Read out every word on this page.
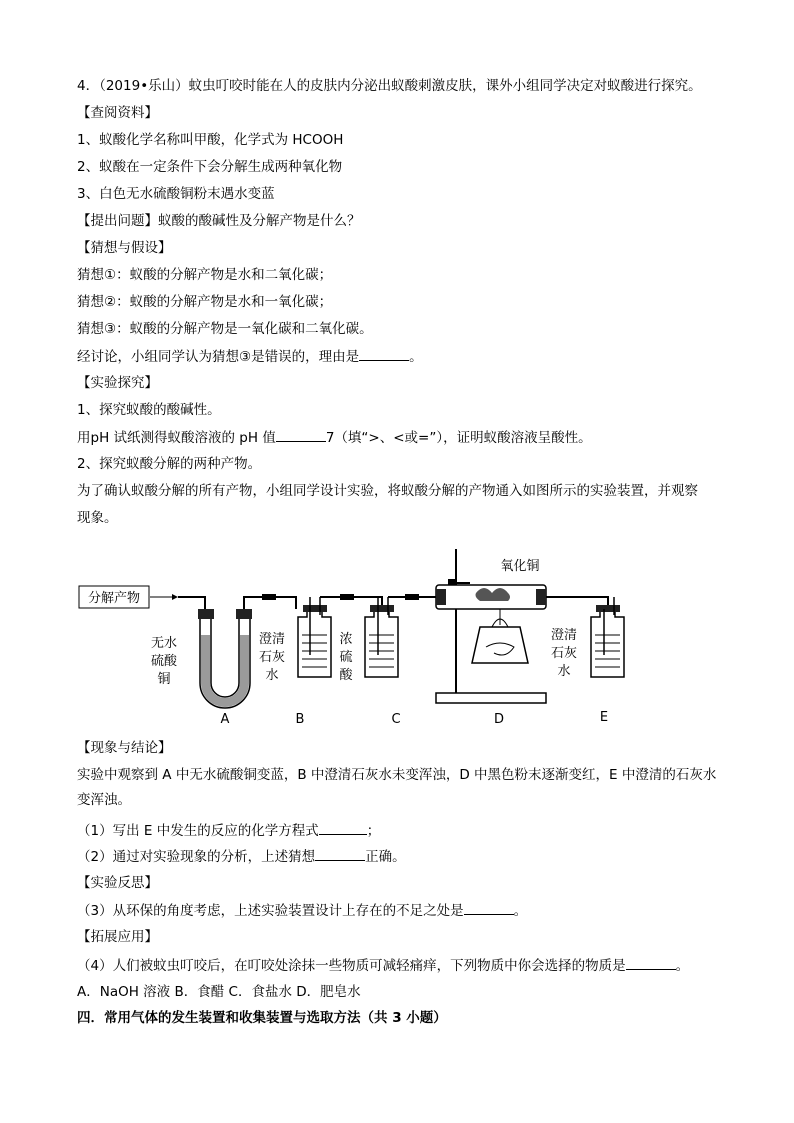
4．（2019•乐山）蚊虫叮咬时能在人的皮肤内分泌出蚁酸刺激皮肤，课外小组同学决定对蚁酸进行探究。
【查阅资料】
1、蚁酸化学名称叫甲酸，化学式为 HCOOH
2、蚁酸在一定条件下会分解生成两种氧化物
3、白色无水硫酸铜粉末遇水变蓝
【提出问题】蚁酸的酸碱性及分解产物是什么？
【猜想与假设】
猜想①：蚁酸的分解产物是水和二氧化碳；
猜想②：蚁酸的分解产物是水和一氧化碳；
猜想③：蚁酸的分解产物是一氧化碳和二氧化碳。
经讨论，小组同学认为猜想③是错误的，理由是	。
【实验探究】
1、探究蚁酸的酸碱性。
用pH 试纸测得蚁酸溶液的 pH 值	7（填“>、<或=”），证明蚁酸溶液呈酸性。
2、探究蚁酸分解的两种产物。
为了确认蚁酸分解的所有产物，小组同学设计实验，将蚁酸分解的产物通入如图所示的实验装置，并观察
现象。
分解产物
无水
硫酸
铜
澄清
石灰
水
浓
硫
酸
氧化铜
澄清
石灰
水
A	B	C	D	E
【现象与结论】
实验中观察到 A 中无水硫酸铜变蓝，B 中澄清石灰水未变浑浊，D 中黑色粉末逐渐变红，E 中澄清的石灰水
变浑浊。
（1）写出 E 中发生的反应的化学方程式	；
（2）通过对实验现象的分析，上述猜想	正确。
【实验反思】
（3）从环保的角度考虑，上述实验装置设计上存在的不足之处是	。
【拓展应用】
（4）人们被蚊虫叮咬后，在叮咬处涂抹一些物质可减轻痛痒，下列物质中你会选择的物质是	。
A．NaOH 溶液 B．食醋 C．食盐水 D．肥皂水
四．常用气体的发生装置和收集装置与选取方法（共 3 小题）
